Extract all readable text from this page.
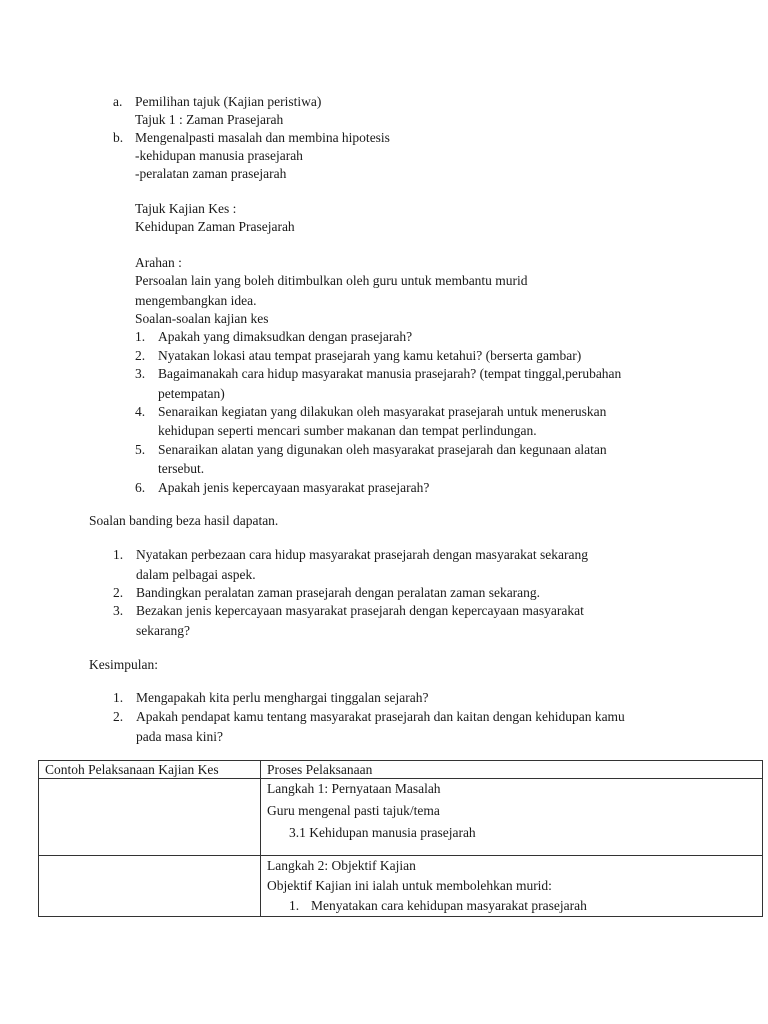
a. Pemilihan tajuk (Kajian peristiwa)
Tajuk 1 : Zaman Prasejarah
b. Mengenalpasti masalah dan membina hipotesis
-kehidupan manusia prasejarah
-peralatan zaman prasejarah
Tajuk Kajian Kes :
Kehidupan Zaman Prasejarah
Arahan :
Persoalan lain yang boleh ditimbulkan oleh guru untuk membantu murid
mengembangkan idea.
Soalan-soalan kajian kes
1. Apakah yang dimaksudkan dengan prasejarah?
2. Nyatakan lokasi atau tempat prasejarah yang kamu ketahui? (berserta gambar)
3. Bagaimanakah cara hidup masyarakat manusia prasejarah? (tempat tinggal,perubahan
petempatan)
4. Senaraikan kegiatan yang dilakukan oleh masyarakat prasejarah untuk meneruskan
kehidupan seperti mencari sumber makanan dan tempat perlindungan.
5. Senaraikan alatan yang digunakan oleh masyarakat prasejarah dan kegunaan alatan
tersebut.
6. Apakah jenis kepercayaan masyarakat prasejarah?
Soalan banding beza hasil dapatan.
1. Nyatakan perbezaan cara hidup masyarakat prasejarah dengan masyarakat sekarang
dalam pelbagai aspek.
2. Bandingkan peralatan zaman prasejarah dengan peralatan zaman sekarang.
3. Bezakan jenis kepercayaan masyarakat prasejarah dengan kepercayaan masyarakat
sekarang?
Kesimpulan:
1. Mengapakah kita perlu menghargai tinggalan sejarah?
2. Apakah pendapat kamu tentang masyarakat prasejarah dan kaitan dengan kehidupan kamu
pada masa kini?
Contoh Pelaksanaan Kajian Kes	Proses Pelaksanaan

	Langkah 1: Pernyataan Masalah
Guru mengenal pasti tajuk/tema
3.1 Kehidupan manusia prasejarah

	Langkah 2: Objektif Kajian
Objektif Kajian ini ialah untuk membolehkan murid:
1. Menyatakan cara kehidupan masyarakat prasejarah
